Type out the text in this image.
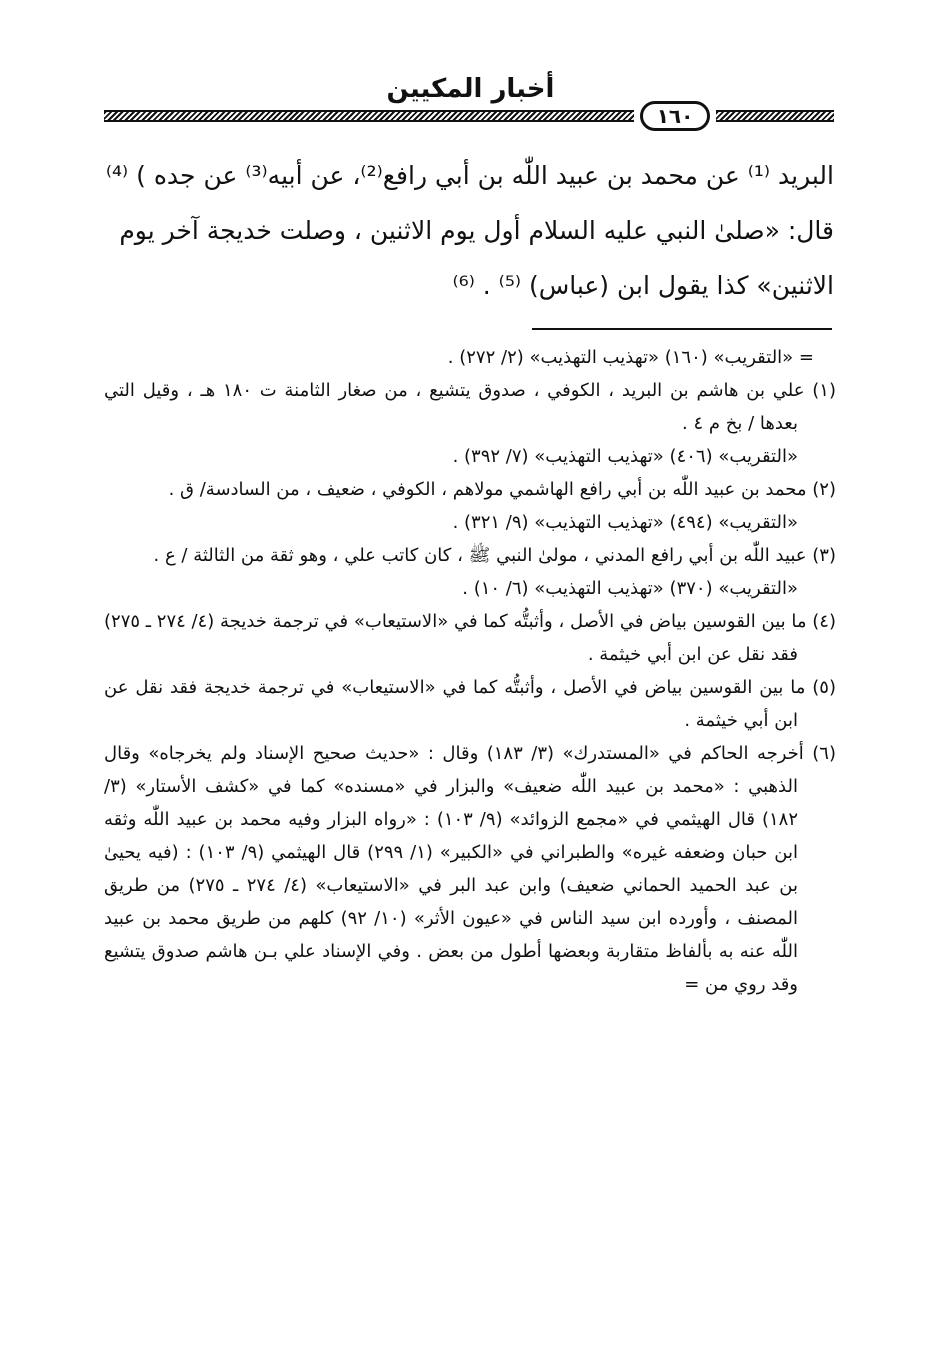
أخبار المكيين
١٦٠

البريد ⁽¹⁾ عن محمد بن عبيد اللّٰه بن أبي رافع⁽²⁾، عن أبيه⁽³⁾ عن جده ) ⁽⁴⁾

قال: «صلىٰ النبي عليه السلام أول يوم الاثنين ، وصلت خديجة آخر يوم

الاثنين» كذا يقول ابن (عباس) ⁽⁵⁾ . ⁽⁶⁾

= «التقريب» (١٦٠) «تهذيب التهذيب» (٢/ ٢٧٢) .

(١) علي بن هاشم بن البريد ، الكوفي ، صدوق يتشيع ، من صغار الثامنة ت ١٨٠ هـ ، وقيل التي بعدها / بخ م ٤ .

«التقريب» (٤٠٦) «تهذيب التهذيب» (٧/ ٣٩٢) .

(٢) محمد بن عبيد اللّٰه بن أبي رافع الهاشمي مولاهم ، الكوفي ، ضعيف ، من السادسة/ ق .

«التقريب» (٤٩٤) «تهذيب التهذيب» (٩/ ٣٢١) .

(٣) عبيد اللّٰه بن أبي رافع المدني ، مولىٰ النبي ﷺ ، كان كاتب علي ، وهو ثقة من الثالثة / ع .

«التقريب» (٣٧٠) «تهذيب التهذيب» (٦/ ١٠) .

(٤) ما بين القوسين بياض في الأصل ، وأثبتُّه كما في «الاستيعاب» في ترجمة خديجة (٤/ ٢٧٤ ـ ٢٧٥) فقد نقل عن ابن أبي خيثمة .

(٥) ما بين القوسين بياض في الأصل ، وأثبتُّه كما في «الاستيعاب» في ترجمة خديجة فقد نقل عن ابن أبي خيثمة .

(٦) أخرجه الحاكم في «المستدرك» (٣/ ١٨٣) وقال : «حديث صحيح الإسناد ولم يخرجاه» وقال الذهبي : «محمد بن عبيد اللّٰه ضعيف» والبزار في «مسنده» كما في «كشف الأستار» (٣/ ١٨٢) قال الهيثمي في «مجمع الزوائد» (٩/ ١٠٣) : «رواه البزار وفيه محمد بن عبيد اللّٰه وثقه ابن حبان وضعفه غيره» والطبراني في «الكبير» (١/ ٢٩٩) قال الهيثمي (٩/ ١٠٣) : (فيه يحيىٰ بن عبد الحميد الحماني ضعيف) وابن عبد البر في «الاستيعاب» (٤/ ٢٧٤ ـ ٢٧٥) من طريق المصنف ، وأورده ابن سيد الناس في «عيون الأثر» (١٠/ ٩٢) كلهم من طريق محمد بن عبيد اللّٰه عنه به بألفاظ متقاربة وبعضها أطول من بعض . وفي الإسناد علي بـن هاشم صدوق يتشيع وقد روي من =
